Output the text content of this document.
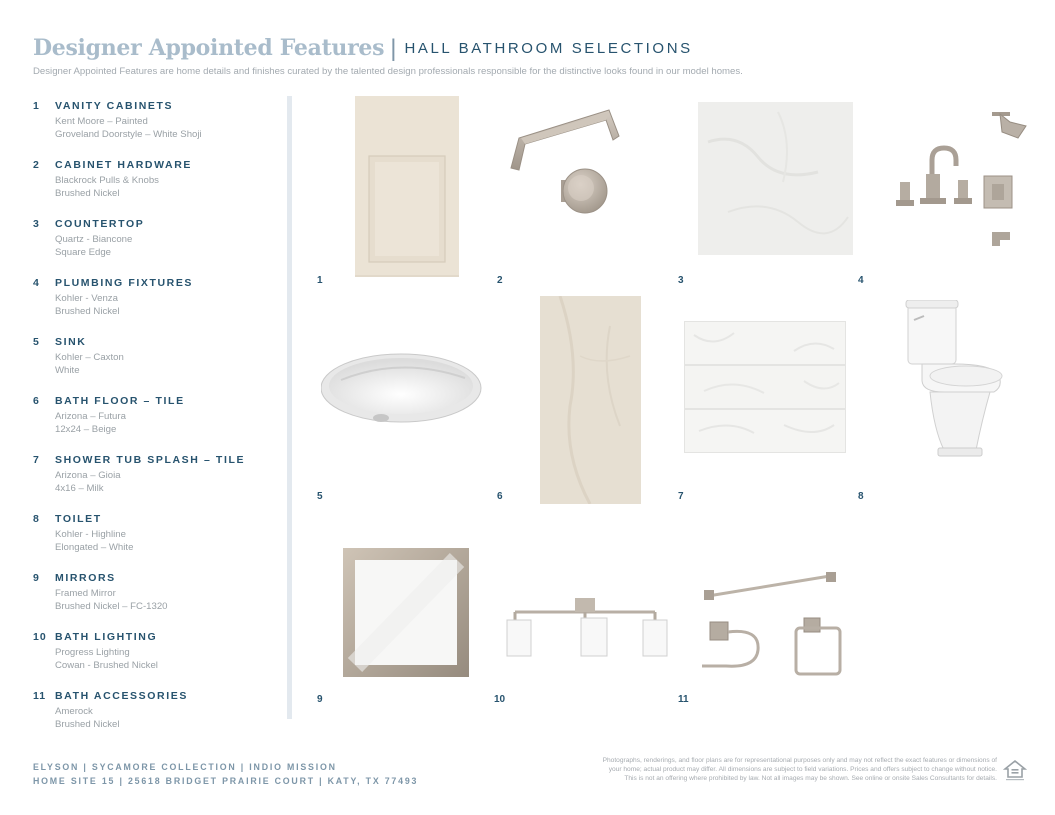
Designer Appointed Features | HALL BATHROOM SELECTIONS
Designer Appointed Features are home details and finishes curated by the talented design professionals responsible for the distinctive looks found in our model homes.
1 VANITY CABINETS
Kent Moore – Painted
Groveland Doorstyle – White Shoji
2 CABINET HARDWARE
Blackrock Pulls & Knobs
Brushed Nickel
3 COUNTERTOP
Quartz - Biancone
Square Edge
4 PLUMBING FIXTURES
Kohler - Venza
Brushed Nickel
5 SINK
Kohler – Caxton
White
6 BATH FLOOR – TILE
Arizona – Futura
12x24 – Beige
7 SHOWER TUB SPLASH – TILE
Arizona – Gioia
4x16 – Milk
8 TOILET
Kohler - Highline
Elongated – White
9 MIRRORS
Framed Mirror
Brushed Nickel – FC-1320
10 BATH LIGHTING
Progress Lighting
Cowan - Brushed Nickel
11 BATH ACCESSORIES
Amerock
Brushed Nickel
1	2	3	4
5	6	7	8
9	10	11
ELYSON | SYCAMORE COLLECTION | INDIO MISSION
HOME SITE 15 | 25618 BRIDGET PRAIRIE COURT | KATY, TX 77493
Photographs, renderings, and floor plans are for representational purposes only and may not reflect the exact features or dimensions of
your home; actual product may differ. All dimensions are subject to field variations. Prices and offers subject to change without notice.
This is not an offering where prohibited by law. Not all images may be shown. See online or onsite Sales Consultants for details.
